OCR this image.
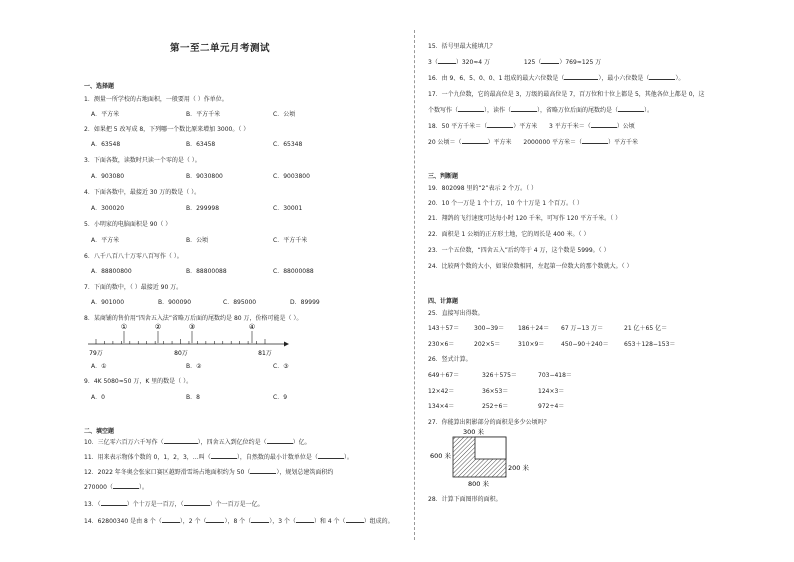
第一至二单元月考测试
一、选择题
1．测量一所学校的占地面积，一般要用（ ）作单位。
A．平方米	B．平方千米	C．公顷
2．如果把 5 改写成 8，下列哪一个数比原来增加 3000。（ ）
A．63548	B．63458	C．65348
3．下面各数，读数时只读一个零的是（ ）。
A．903080	B．9030800	C．9003800
4．下面各数中，最接近 30 万的数是（ ）。
A．300020	B．299998	C．30001
5．小明家的电脑面积是 90（ ）
A．平方米	B．公顷	C．平方千米
6．八千八百八十万零八百写作（ ）。
A．88800800	B．88800088	C．88000088
7．下面的数中，（ ）最接近 90 万。
A．901000	B．900090	C．895000	D．89999
8．某商铺的售价用“四舍五入法”省略万后面的尾数约是 80 万，价格可能是（ ）。
79万	80万	81万
①	②	③	④
A．①	B．②	C．③
9．4K 5080≈50 万，K 里的数是（ ）。
A．0	B．8	C．9
二、填空题
10．三亿零六百万六千写作（	），四舍五入到亿位约是（	）亿。
11．用来表示物体个数的 0，1，2，3，…叫（	），自然数的最小计数单位是（	）。
12．2022 年冬奥会张家口赛区越野滑雪场占地面积约为 50（	），规划总建筑面积约
270000（	）。
13．（	）个十万是一百万，（	）个一百万是一亿。
14．62800340 是由 8 个（	），2 个（	），8 个（	），3 个（	）和 4 个（	）组成的。
15．括号里最大能填几？
3（	）320≈4 万	125（	）769≈125 万
16．由 9、6、5、0、0、1 组成的最大六位数是（	），最小六位数是（	）。
17．一个九位数，它的最高位是 3，万级的最高位是 7，百万位和十位上都是 5，其他各位上都是 0，这
个数写作（	），读作（	），省略万位后面的尾数约是（	）。
18．50 平方千米＝（	）平方米 3 平方千米＝（	）公顷
20 公顷＝（	）平方米 2000000 平方米＝（	）平方千米
三、判断题
19．802098 里的“2”表示 2 个万。（ ）
20．10 个一万是 1 个十万，10 个十万是 1 个百万。（ ）
21．翔鸽的飞行速度可达每小时 120 千米，可写作 120 平方千米。（ ）
22．面积是 1 公顷的正方形土地，它的周长是 400 米。（ ）
23．一个五位数，“四舍五入”后约等于 4 万，这个数是 5999。（ ）
24．比较两个数的大小，如果位数相同，左起第一位数大的那个数就大。（ ）
四、计算题
25．直接写出得数。
143＋57＝ 300−39＝ 186＋24＝ 67 万−13 万＝	21 亿＋65 亿＝
230×6＝	202×5＝	310×9＝	450−90＋240＝	653＋128−153＝
26．竖式计算。
649＋67＝	326＋575＝	703−418＝
12×42＝	36×53＝	124×3＝
134×4＝	252÷6＝	972÷4＝
27．你能算出阴影部分的面积是多少公顷吗？
300 米
600 米
200 米
800 米
28．计算下面图形的面积。
